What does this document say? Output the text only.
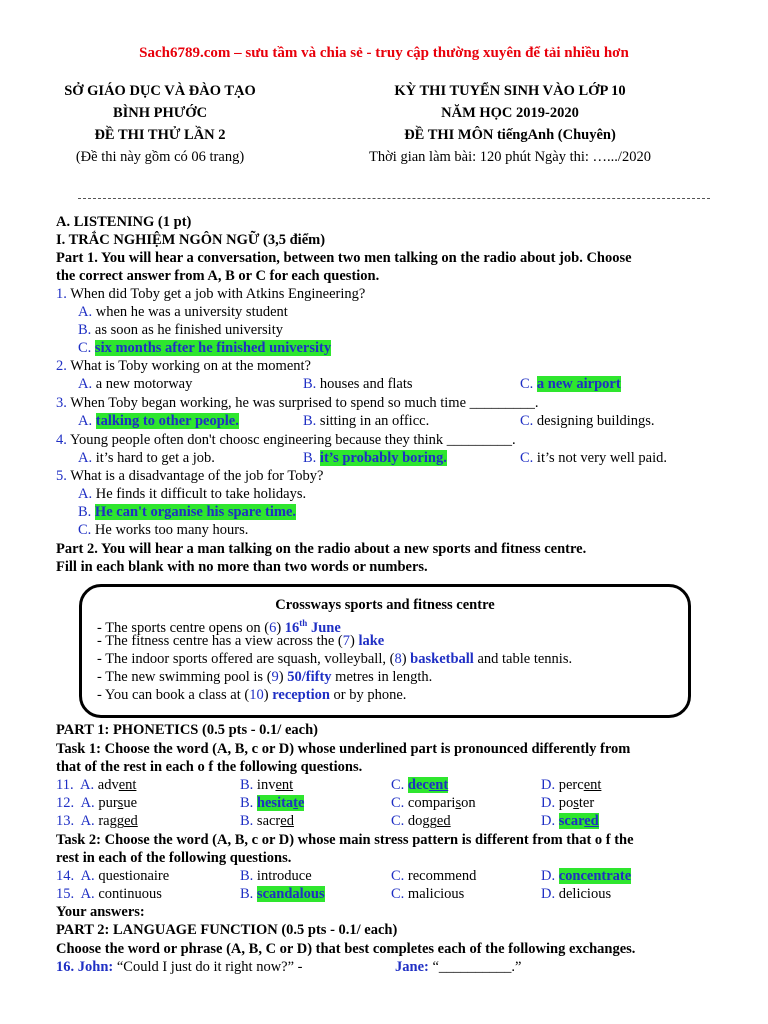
Sach6789.com – sưu tầm và chia sẻ - truy cập thường xuyên để tải nhiều hơn
SỞ GIÁO DỤC VÀ ĐÀO TẠO
BÌNH PHƯỚC
ĐỀ THI THỬ LẦN 2
(Đề thi này gồm có 06 trang)
KỲ THI TUYỂN SINH VÀO LỚP 10
NĂM HỌC 2019-2020
ĐỀ THI MÔN tiếngAnh (Chuyên)
Thời gian làm bài: 120 phút Ngày thi: ….../2020
A. LISTENING (1 pt)
I. TRẮC NGHIỆM NGÔN NGỮ (3,5 điểm)
Part 1. You will hear a conversation, between two men talking on the radio about job. Choose
the correct answer from A, B or C for each question.
1. When did Toby get a job with Atkins Engineering?
A. when he was a university student
B. as soon as he finished university
C. six months after he finished university
2. What is Toby working on at the moment?
A. a new motorway	B. houses and flats	C. a new airport
3. When Toby began working, he was surprised to spend so much time _________.
A. talking to other people.	B. sitting in an officc.	C. designing buildings.
4. Young people often don't choosc engineering because they think _________.
A. it’s hard to get a job.	B. it’s probably boring.	C. it’s not very well paid.
5. What is a disadvantage of the job for Toby?
A. He finds it difficult to take holidays.
B. He can't organise his spare time.
C. He works too many hours.
Part 2. You will hear a man talking on the radio about a new sports and fitness centre.
Fill in each blank with no more than two words or numbers.
Crossways sports and fitness centre
- The sports centre opens on (6) 16th June
- The fitness centre has a view across the (7) lake
- The indoor sports offered are squash, volleyball, (8) basketball and table tennis.
- The new swimming pool is (9) 50/fifty metres in length.
- You can book a class at (10) reception or by phone.
PART 1: PHONETICS (0.5 pts - 0.1/ each)
Task 1: Choose the word (A, B, c or D) whose underlined part is pronounced differently from
that of the rest in each o f the following questions.
11. A. advent	B. invent	C. decent	D. percent
12. A. pursue	B. hesitate	C. comparison	D. poster
13. A. ragged	B. sacred	C. dogged	D. scared
Task 2: Choose the word (A, B, c or D) whose main stress pattern is different from that o f the
rest in each of the following questions.
14. A. questionaire	B. introduce	C. recommend	D. concentrate
15. A. continuous	B. scandalous	C. malicious	D. delicious
Your answers:
PART 2: LANGUAGE FUNCTION (0.5 pts - 0.1/ each)
Choose the word or phrase (A, B, C or D) that best completes each of the following exchanges.
16. John: “Could I just do it right now?” -	Jane: “__________.”
